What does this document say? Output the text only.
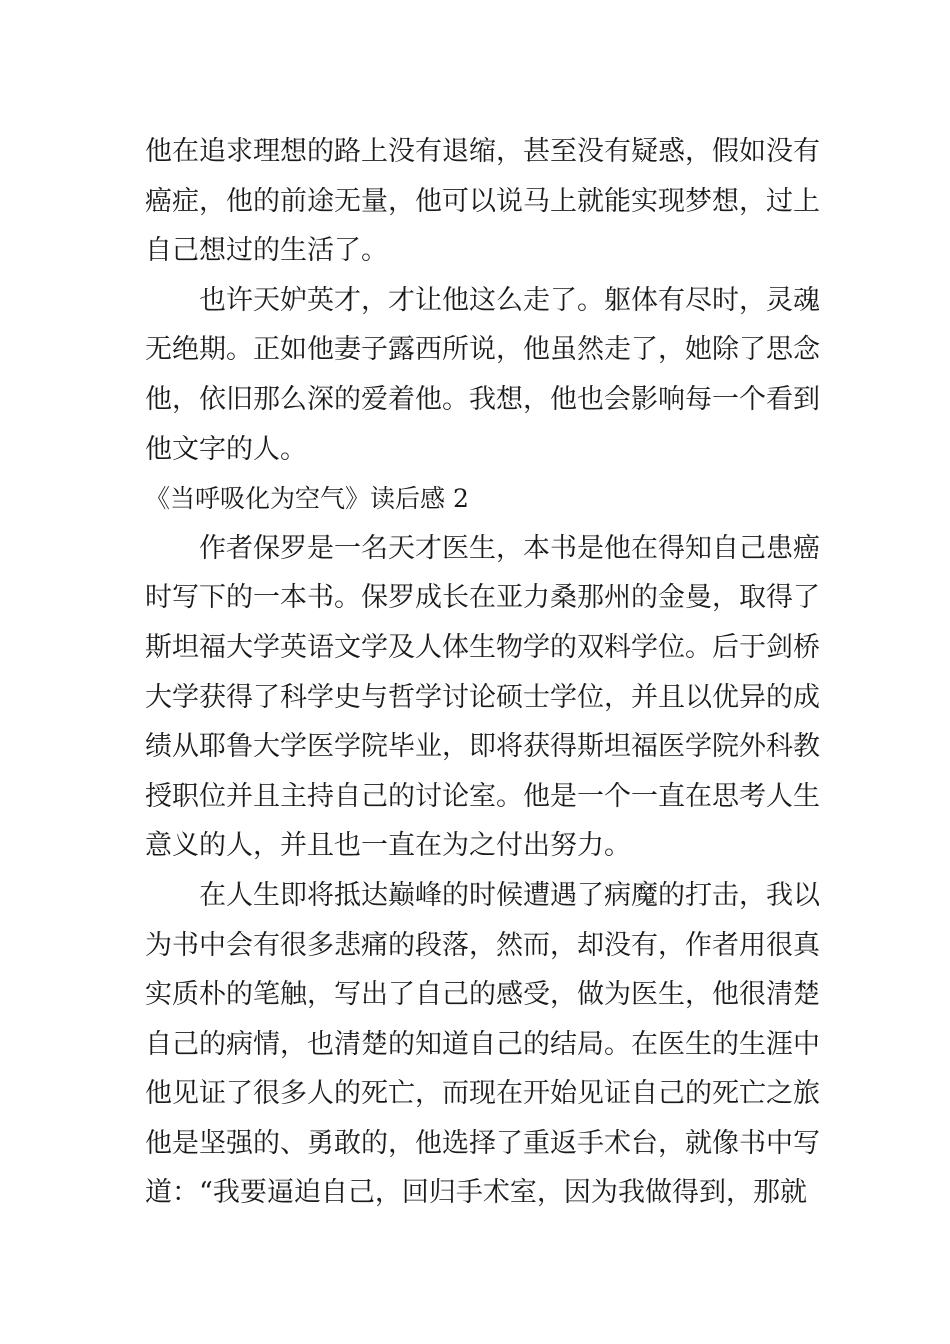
他在追求理想的路上没有退缩，甚至没有疑惑，假如没有
癌症，他的前途无量，他可以说马上就能实现梦想，过上
自己想过的生活了。
也许天妒英才，才让他这么走了。躯体有尽时，灵魂
无绝期。正如他妻子露西所说，他虽然走了，她除了思念
他，依旧那么深的爱着他。我想，他也会影响每一个看到
他文字的人。
《当呼吸化为空气》读后感 2
作者保罗是一名天才医生，本书是他在得知自己患癌
时写下的一本书。保罗成长在亚力桑那州的金曼，取得了
斯坦福大学英语文学及人体生物学的双料学位。后于剑桥
大学获得了科学史与哲学讨论硕士学位，并且以优异的成
绩从耶鲁大学医学院毕业，即将获得斯坦福医学院外科教
授职位并且主持自己的讨论室。他是一个一直在思考人生
意义的人，并且也一直在为之付出努力。
在人生即将抵达巅峰的时候遭遇了病魔的打击，我以
为书中会有很多悲痛的段落，然而，却没有，作者用很真
实质朴的笔触，写出了自己的感受，做为医生，他很清楚
自己的病情，也清楚的知道自己的结局。在医生的生涯中
他见证了很多人的死亡，而现在开始见证自己的死亡之旅
他是坚强的、勇敢的，他选择了重返手术台，就像书中写
道：“我要逼迫自己，回归手术室，因为我做得到，那就
